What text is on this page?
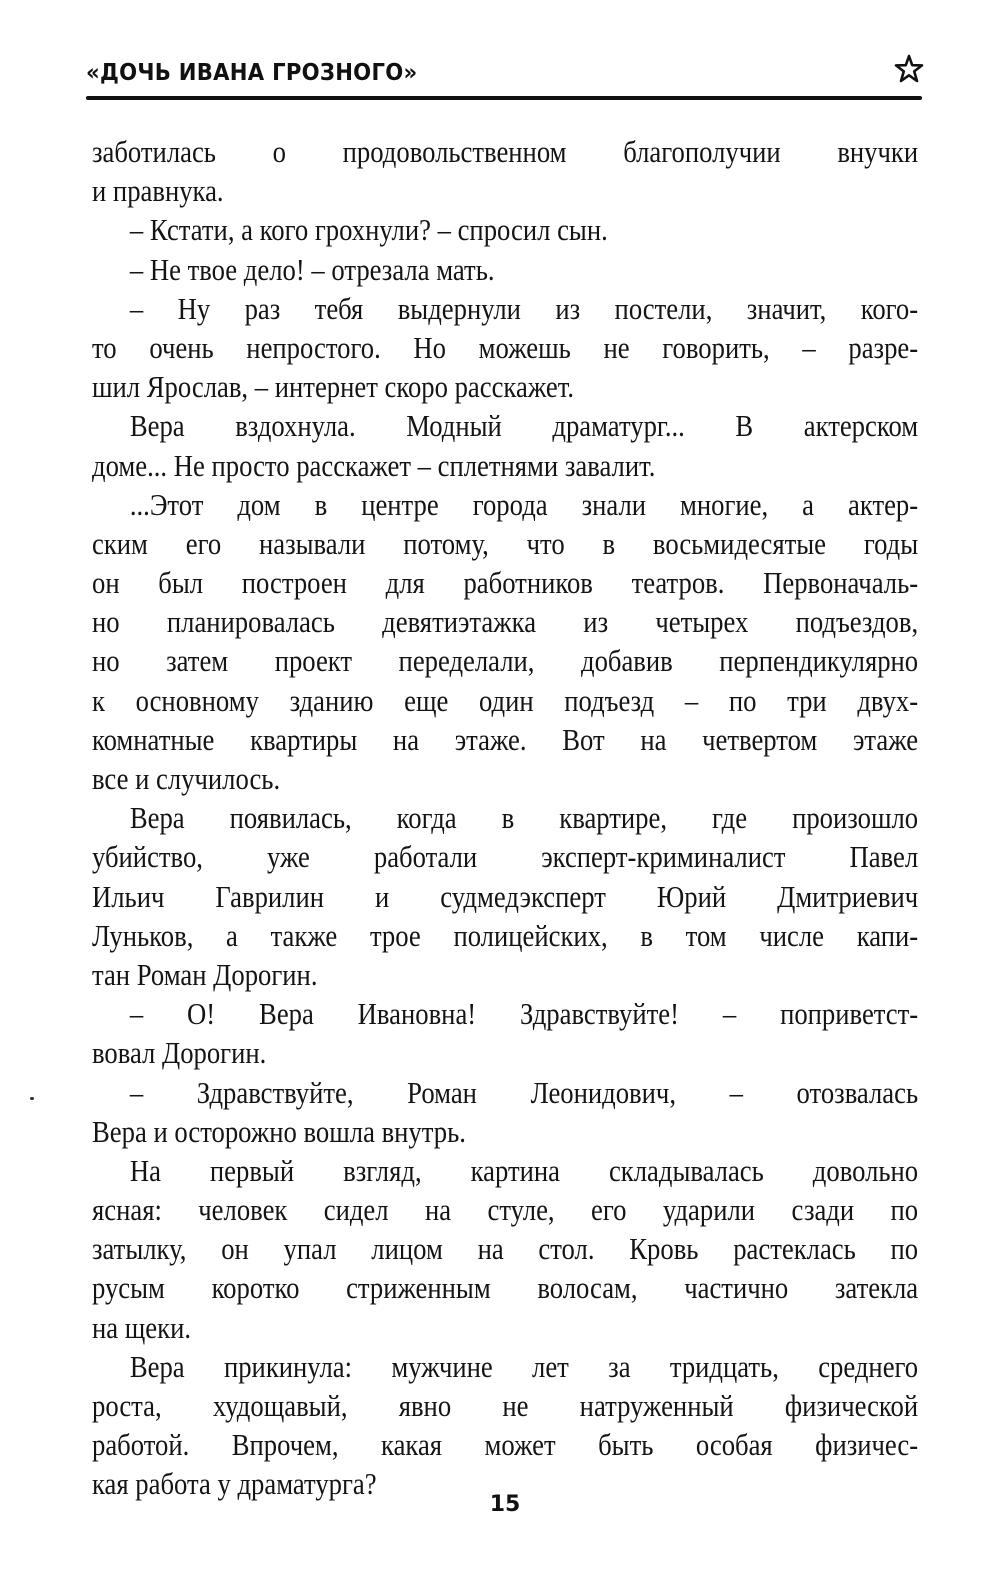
«ДОЧЬ ИВАНА ГРОЗНОГО»
заботилась о продовольственном благополучии внучки
и правнука.
– Кстати, а кого грохнули? – спросил сын.
– Не твое дело! – отрезала мать.
– Ну раз тебя выдернули из постели, значит, кого-
то очень непростого. Но можешь не говорить, – разре-
шил Ярослав, – интернет скоро расскажет.
Вера вздохнула. Модный драматург... В актерском
доме... Не просто расскажет – сплетнями завалит.
...Этот дом в центре города знали многие, а актер-
ским его называли потому, что в восьмидесятые годы
он был построен для работников театров. Первоначаль-
но планировалась девятиэтажка из четырех подъездов,
но затем проект переделали, добавив перпендикулярно
к основному зданию еще один подъезд – по три двух-
комнатные квартиры на этаже. Вот на четвертом этаже
все и случилось.
Вера появилась, когда в квартире, где произошло
убийство, уже работали эксперт-криминалист Павел
Ильич Гаврилин и судмедэксперт Юрий Дмитриевич
Луньков, а также трое полицейских, в том числе капи-
тан Роман Дорогин.
– О! Вера Ивановна! Здравствуйте! – поприветст-
вовал Дорогин.
– Здравствуйте, Роман Леонидович, – отозвалась
Вера и осторожно вошла внутрь.
На первый взгляд, картина складывалась довольно
ясная: человек сидел на стуле, его ударили сзади по
затылку, он упал лицом на стол. Кровь растеклась по
русым коротко стриженным волосам, частично затекла
на щеки.
Вера прикинула: мужчине лет за тридцать, среднего
роста, худощавый, явно не натруженный физической
работой. Впрочем, какая может быть особая физичес-
кая работа у драматурга?
15
